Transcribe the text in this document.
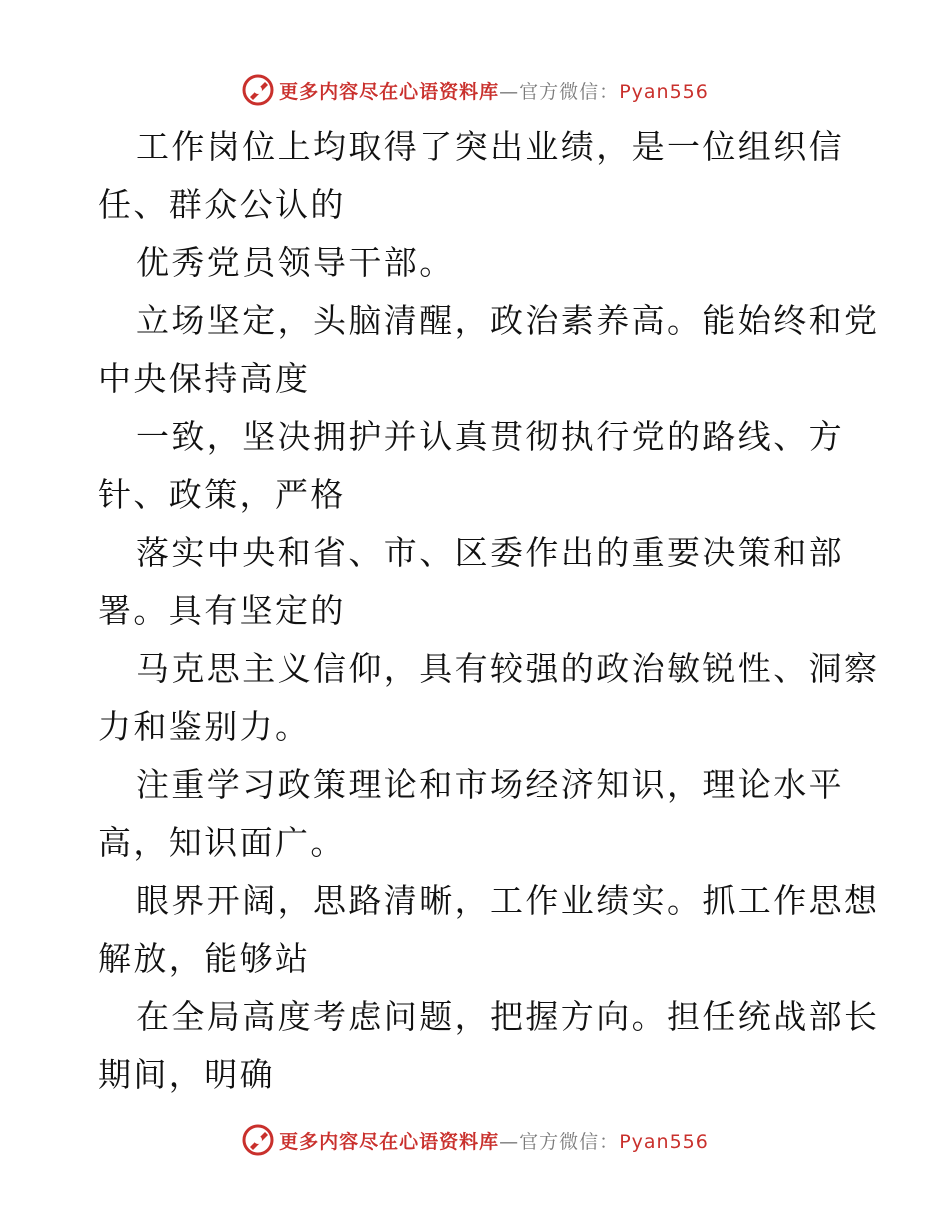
更多内容尽在心语资料库—官方微信：Pyan556
工作岗位上均取得了突出业绩，是一位组织信
任、群众公认的
优秀党员领导干部。
立场坚定，头脑清醒，政治素养高。能始终和党
中央保持高度
一致，坚决拥护并认真贯彻执行党的路线、方
针、政策，严格
落实中央和省、市、区委作出的重要决策和部
署。具有坚定的
马克思主义信仰，具有较强的政治敏锐性、洞察
力和鉴别力。
注重学习政策理论和市场经济知识，理论水平
高，知识面广。
眼界开阔，思路清晰，工作业绩实。抓工作思想
解放，能够站
在全局高度考虑问题，把握方向。担任统战部长
期间，明确
更多内容尽在心语资料库—官方微信：Pyan556
